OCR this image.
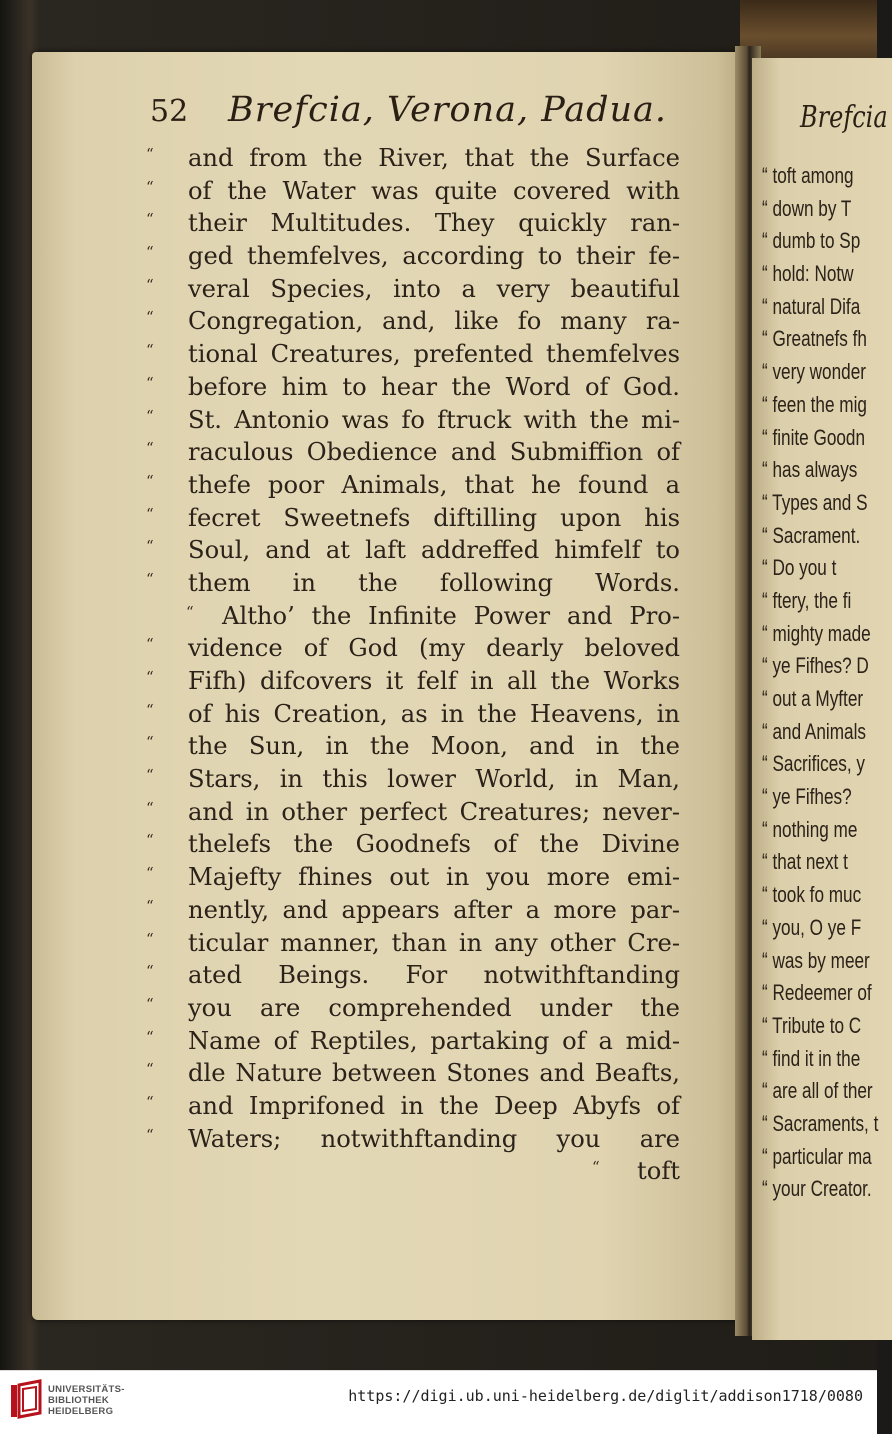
52 Brefcia, Verona, Padua.
“ and from the River, that the Surface
“ of the Water was quite covered with
“ their Multitudes. They quickly ran-
“ ged themfelves, according to their fe-
“ veral Species, into a very beautiful
“ Congregation, and, like fo many ra-
“ tional Creatures, prefented themfelves
“ before him to hear the Word of God.
“ St. Antonio was fo ftruck with the mi-
“ raculous Obedience and Submiffion of
“ thefe poor Animals, that he found a
“ fecret Sweetnefs diftilling upon his
“ Soul, and at laft addreffed himfelf to
“ them in the following Words.
“ Altho’ the Infinite Power and Pro-
“ vidence of God (my dearly beloved
“ Fifh) difcovers it felf in all the Works
“ of his Creation, as in the Heavens, in
“ the Sun, in the Moon, and in the
“ Stars, in this lower World, in Man,
“ and in other perfect Creatures; never-
“ thelefs the Goodnefs of the Divine
“ Majefty fhines out in you more emi-
“ nently, and appears after a more par-
“ ticular manner, than in any other Cre-
“ ated Beings. For notwithftanding
“ you are comprehended under the
“ Name of Reptiles, partaking of a mid-
“ dle Nature between Stones and Beafts,
“ and Imprifoned in the Deep Abyfs of
“ Waters; notwithftanding you are
“	toft
Brefcia
“ toft among
“ down by T
“ dumb to Sp
“ hold: Notw
“ natural Difa
“ Greatnefs fh
“ very wonder
“ feen the mig
“ finite Goodn
“ has always
“ Types and S
“ Sacrament.
“ Do you t
“ ftery, the fi
“ mighty made
“ ye Fifhes? D
“ out a Myfter
“ and Animals
“ Sacrifices, y
“ ye Fifhes?
“ nothing me
“ that next t
“ took fo muc
“ you, O ye F
“ was by meer
“ Redeemer of
“ Tribute to C
“ find it in the
“ are all of ther
“ Sacraments, t
“ particular ma
“ your Creator.
UNIVERSITÄTS-
BIBLIOTHEK
HEIDELBERG
https://digi.ub.uni-heidelberg.de/diglit/addison1718/0080
